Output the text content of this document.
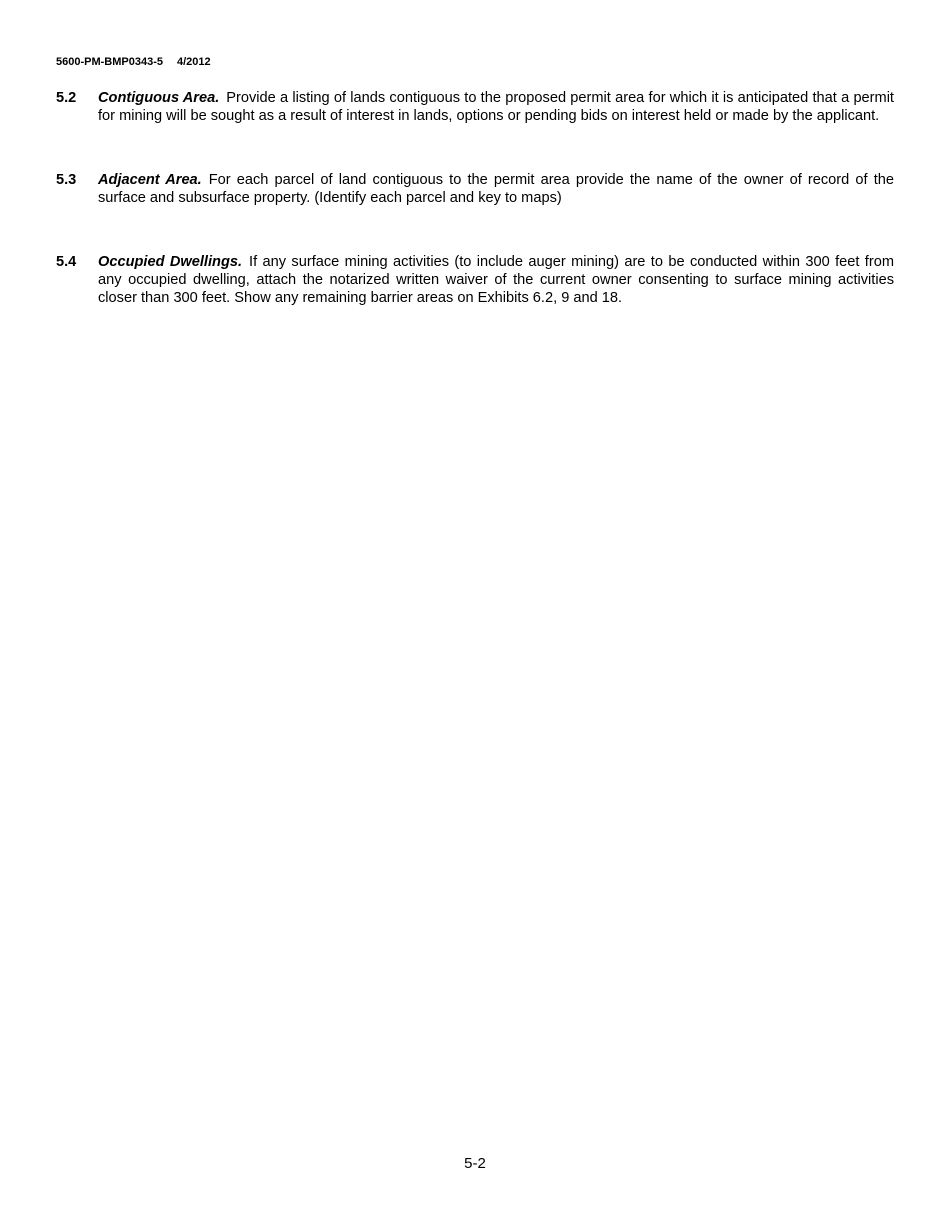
5600-PM-BMP0343-5 4/2012
5.2	Contiguous Area. Provide a listing of lands contiguous to the proposed permit area for which it is anticipated that a permit for mining will be sought as a result of interest in lands, options or pending bids on interest held or made by the applicant.

5.3	Adjacent Area. For each parcel of land contiguous to the permit area provide the name of the owner of record of the surface and subsurface property. (Identify each parcel and key to maps)

5.4	Occupied Dwellings. If any surface mining activities (to include auger mining) are to be conducted within 300 feet from any occupied dwelling, attach the notarized written waiver of the current owner consenting to surface mining activities closer than 300 feet. Show any remaining barrier areas on Exhibits 6.2, 9 and 18.

5-2
